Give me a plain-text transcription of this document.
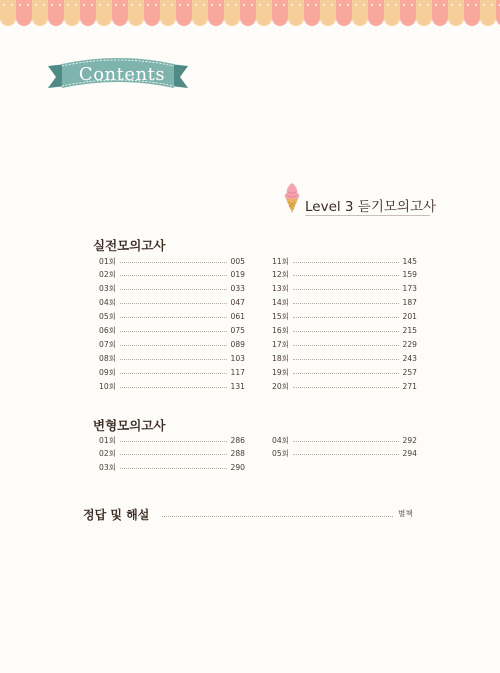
Contents
Level 3 듣기모의고사
실전모의고사
01회	005
02회	019
03회	033
04회	047
05회	061
06회	075
07회	089
08회	103
09회	117
10회	131
11회	145
12회	159
13회	173
14회	187
15회	201
16회	215
17회	229
18회	243
19회	257
20회	271
변형모의고사
01회	286
02회	288
03회	290
04회	292
05회	294
정답 및 해설	별책
